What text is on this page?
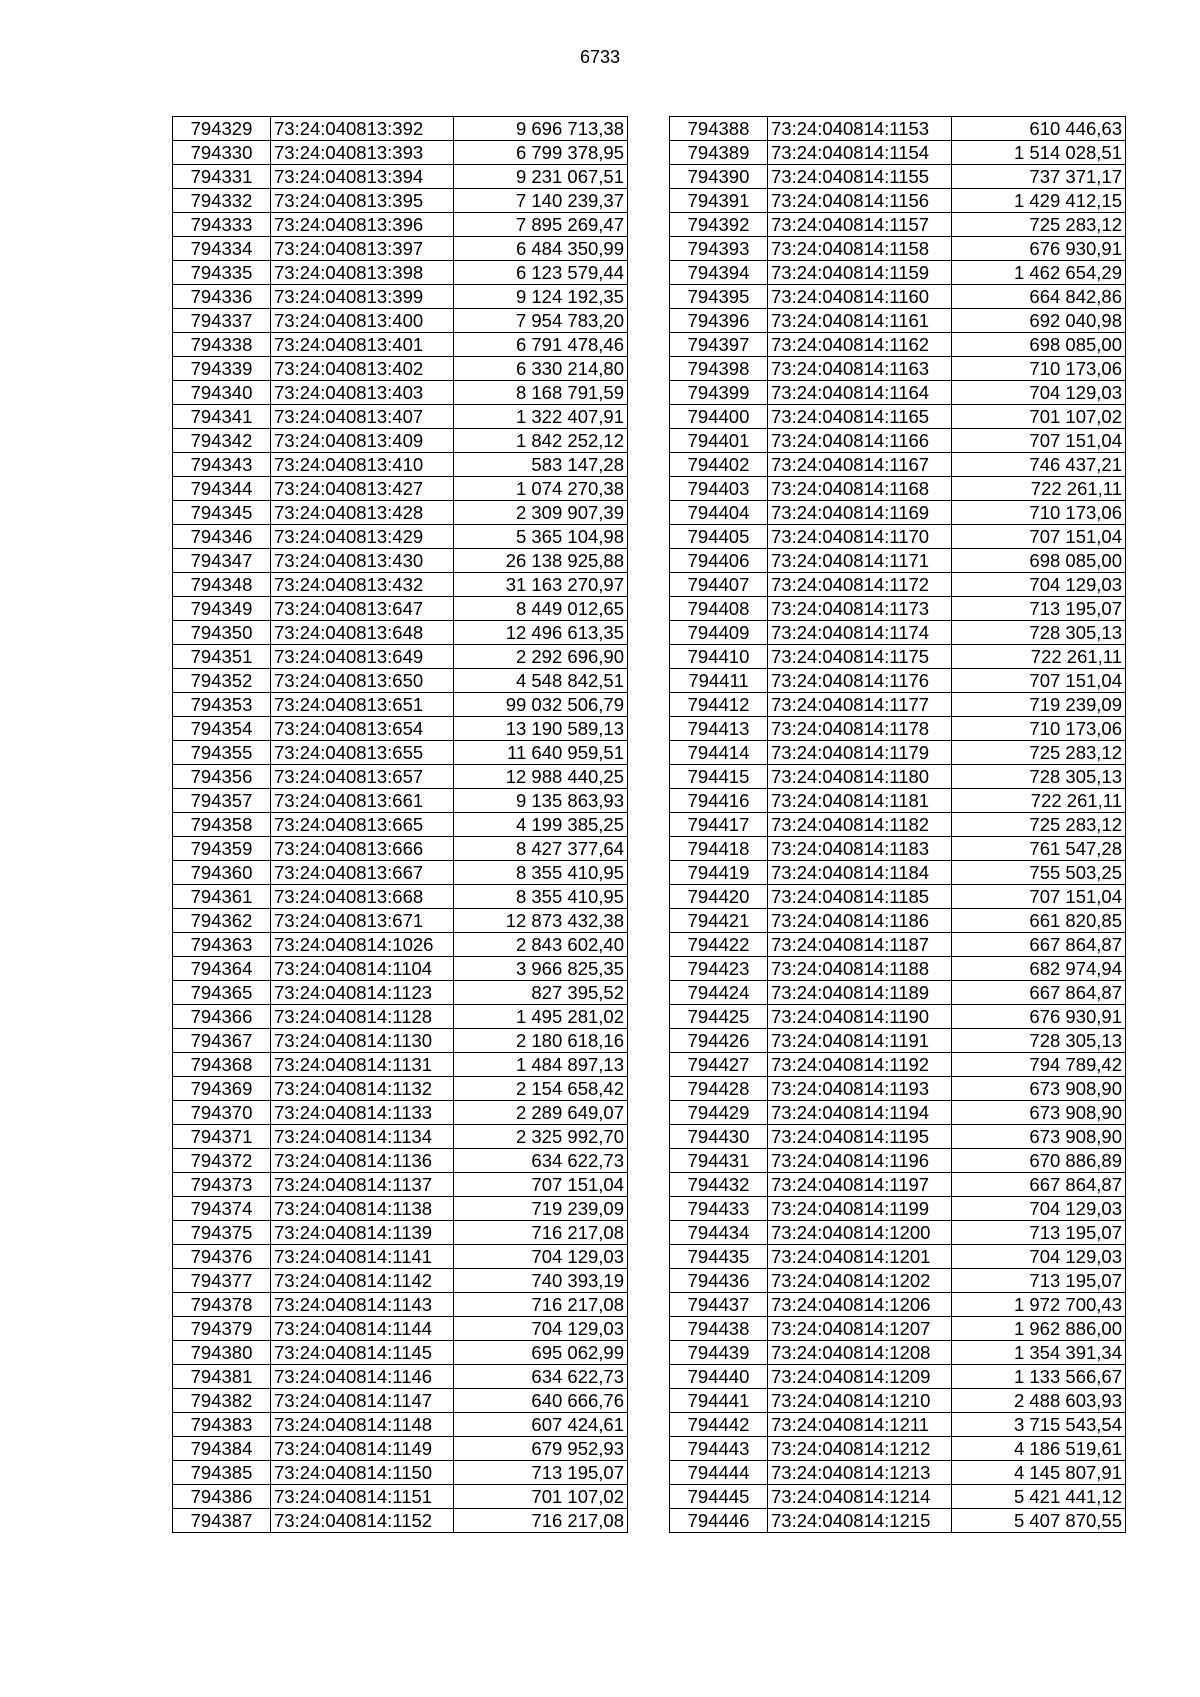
6733
794329	73:24:040813:392	9 696 713,38
794330	73:24:040813:393	6 799 378,95
794331	73:24:040813:394	9 231 067,51
794332	73:24:040813:395	7 140 239,37
794333	73:24:040813:396	7 895 269,47
794334	73:24:040813:397	6 484 350,99
794335	73:24:040813:398	6 123 579,44
794336	73:24:040813:399	9 124 192,35
794337	73:24:040813:400	7 954 783,20
794338	73:24:040813:401	6 791 478,46
794339	73:24:040813:402	6 330 214,80
794340	73:24:040813:403	8 168 791,59
794341	73:24:040813:407	1 322 407,91
794342	73:24:040813:409	1 842 252,12
794343	73:24:040813:410	583 147,28
794344	73:24:040813:427	1 074 270,38
794345	73:24:040813:428	2 309 907,39
794346	73:24:040813:429	5 365 104,98
794347	73:24:040813:430	26 138 925,88
794348	73:24:040813:432	31 163 270,97
794349	73:24:040813:647	8 449 012,65
794350	73:24:040813:648	12 496 613,35
794351	73:24:040813:649	2 292 696,90
794352	73:24:040813:650	4 548 842,51
794353	73:24:040813:651	99 032 506,79
794354	73:24:040813:654	13 190 589,13
794355	73:24:040813:655	11 640 959,51
794356	73:24:040813:657	12 988 440,25
794357	73:24:040813:661	9 135 863,93
794358	73:24:040813:665	4 199 385,25
794359	73:24:040813:666	8 427 377,64
794360	73:24:040813:667	8 355 410,95
794361	73:24:040813:668	8 355 410,95
794362	73:24:040813:671	12 873 432,38
794363	73:24:040814:1026	2 843 602,40
794364	73:24:040814:1104	3 966 825,35
794365	73:24:040814:1123	827 395,52
794366	73:24:040814:1128	1 495 281,02
794367	73:24:040814:1130	2 180 618,16
794368	73:24:040814:1131	1 484 897,13
794369	73:24:040814:1132	2 154 658,42
794370	73:24:040814:1133	2 289 649,07
794371	73:24:040814:1134	2 325 992,70
794372	73:24:040814:1136	634 622,73
794373	73:24:040814:1137	707 151,04
794374	73:24:040814:1138	719 239,09
794375	73:24:040814:1139	716 217,08
794376	73:24:040814:1141	704 129,03
794377	73:24:040814:1142	740 393,19
794378	73:24:040814:1143	716 217,08
794379	73:24:040814:1144	704 129,03
794380	73:24:040814:1145	695 062,99
794381	73:24:040814:1146	634 622,73
794382	73:24:040814:1147	640 666,76
794383	73:24:040814:1148	607 424,61
794384	73:24:040814:1149	679 952,93
794385	73:24:040814:1150	713 195,07
794386	73:24:040814:1151	701 107,02
794387	73:24:040814:1152	716 217,08
794388	73:24:040814:1153	610 446,63
794389	73:24:040814:1154	1 514 028,51
794390	73:24:040814:1155	737 371,17
794391	73:24:040814:1156	1 429 412,15
794392	73:24:040814:1157	725 283,12
794393	73:24:040814:1158	676 930,91
794394	73:24:040814:1159	1 462 654,29
794395	73:24:040814:1160	664 842,86
794396	73:24:040814:1161	692 040,98
794397	73:24:040814:1162	698 085,00
794398	73:24:040814:1163	710 173,06
794399	73:24:040814:1164	704 129,03
794400	73:24:040814:1165	701 107,02
794401	73:24:040814:1166	707 151,04
794402	73:24:040814:1167	746 437,21
794403	73:24:040814:1168	722 261,11
794404	73:24:040814:1169	710 173,06
794405	73:24:040814:1170	707 151,04
794406	73:24:040814:1171	698 085,00
794407	73:24:040814:1172	704 129,03
794408	73:24:040814:1173	713 195,07
794409	73:24:040814:1174	728 305,13
794410	73:24:040814:1175	722 261,11
794411	73:24:040814:1176	707 151,04
794412	73:24:040814:1177	719 239,09
794413	73:24:040814:1178	710 173,06
794414	73:24:040814:1179	725 283,12
794415	73:24:040814:1180	728 305,13
794416	73:24:040814:1181	722 261,11
794417	73:24:040814:1182	725 283,12
794418	73:24:040814:1183	761 547,28
794419	73:24:040814:1184	755 503,25
794420	73:24:040814:1185	707 151,04
794421	73:24:040814:1186	661 820,85
794422	73:24:040814:1187	667 864,87
794423	73:24:040814:1188	682 974,94
794424	73:24:040814:1189	667 864,87
794425	73:24:040814:1190	676 930,91
794426	73:24:040814:1191	728 305,13
794427	73:24:040814:1192	794 789,42
794428	73:24:040814:1193	673 908,90
794429	73:24:040814:1194	673 908,90
794430	73:24:040814:1195	673 908,90
794431	73:24:040814:1196	670 886,89
794432	73:24:040814:1197	667 864,87
794433	73:24:040814:1199	704 129,03
794434	73:24:040814:1200	713 195,07
794435	73:24:040814:1201	704 129,03
794436	73:24:040814:1202	713 195,07
794437	73:24:040814:1206	1 972 700,43
794438	73:24:040814:1207	1 962 886,00
794439	73:24:040814:1208	1 354 391,34
794440	73:24:040814:1209	1 133 566,67
794441	73:24:040814:1210	2 488 603,93
794442	73:24:040814:1211	3 715 543,54
794443	73:24:040814:1212	4 186 519,61
794444	73:24:040814:1213	4 145 807,91
794445	73:24:040814:1214	5 421 441,12
794446	73:24:040814:1215	5 407 870,55
